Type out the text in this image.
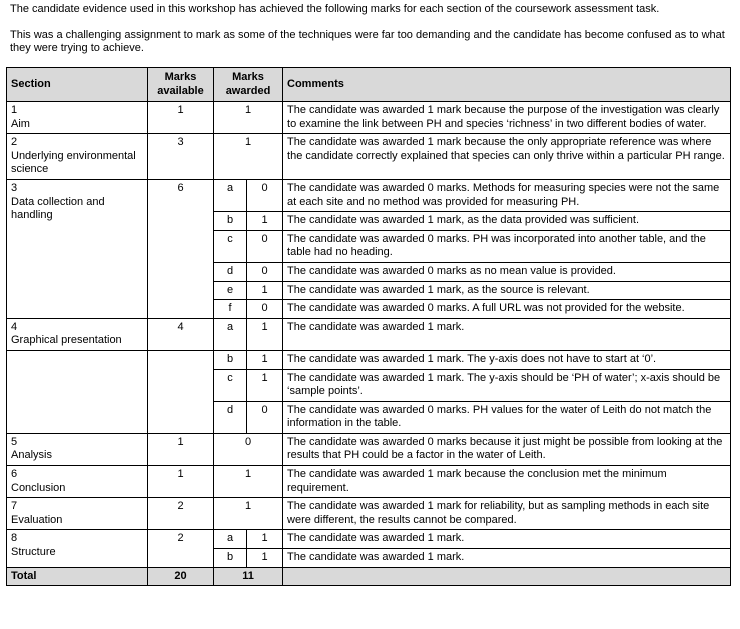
The candidate evidence used in this workshop has achieved the following marks for each section of the coursework assessment task.

This was a challenging assignment to mark as some of the techniques were far too demanding and the candidate has become confused as to what they were trying to achieve.

Section	Marks available	Marks awarded		Comments
1Aim	1	1		The candidate was awarded 1 mark because the purpose of the investigation was clearly to examine the link between PH and species ‘richness’ in two different bodies of water.
2Underlying environmental science	3	1		The candidate was awarded 1 mark because the only appropriate reference was where the candidate correctly explained that species can only thrive within a particular PH range.
3Data collection and handling	6	a	0	The candidate was awarded 0 marks. Methods for measuring species were not the same at each site and no method was provided for measuring PH.
		b	1	The candidate was awarded 1 mark, as the data provided was sufficient.
		c	0	The candidate was awarded 0 marks. PH was incorporated into another table, and the table had no heading.
		d	0	The candidate was awarded 0 marks as no mean value is provided.
		e	1	The candidate was awarded 1 mark, as the source is relevant.
		f	0	The candidate was awarded 0 marks. A full URL was not provided for the website.
4Graphical presentation	4	a	1	The candidate was awarded 1 mark.
		b	1	The candidate was awarded 1 mark. The y-axis does not have to start at ‘0’.
		c	1	The candidate was awarded 1 mark. The y-axis should be ‘PH of water’; x-axis should be ‘sample points’.
		d	0	The candidate was awarded 0 marks. PH values for the water of Leith do not match the information in the table.
5Analysis	1	0		The candidate was awarded 0 marks because it just might be possible from looking at the results that PH could be a factor in the water of Leith.
6Conclusion	1	1		The candidate was awarded 1 mark because the conclusion met the minimum requirement.
7Evaluation	2	1		The candidate was awarded 1 mark for reliability, but as sampling methods in each site were different, the results cannot be compared.
8Structure	2	a	1	The candidate was awarded 1 mark.
		b	1	The candidate was awarded 1 mark.
Total	20	11		
